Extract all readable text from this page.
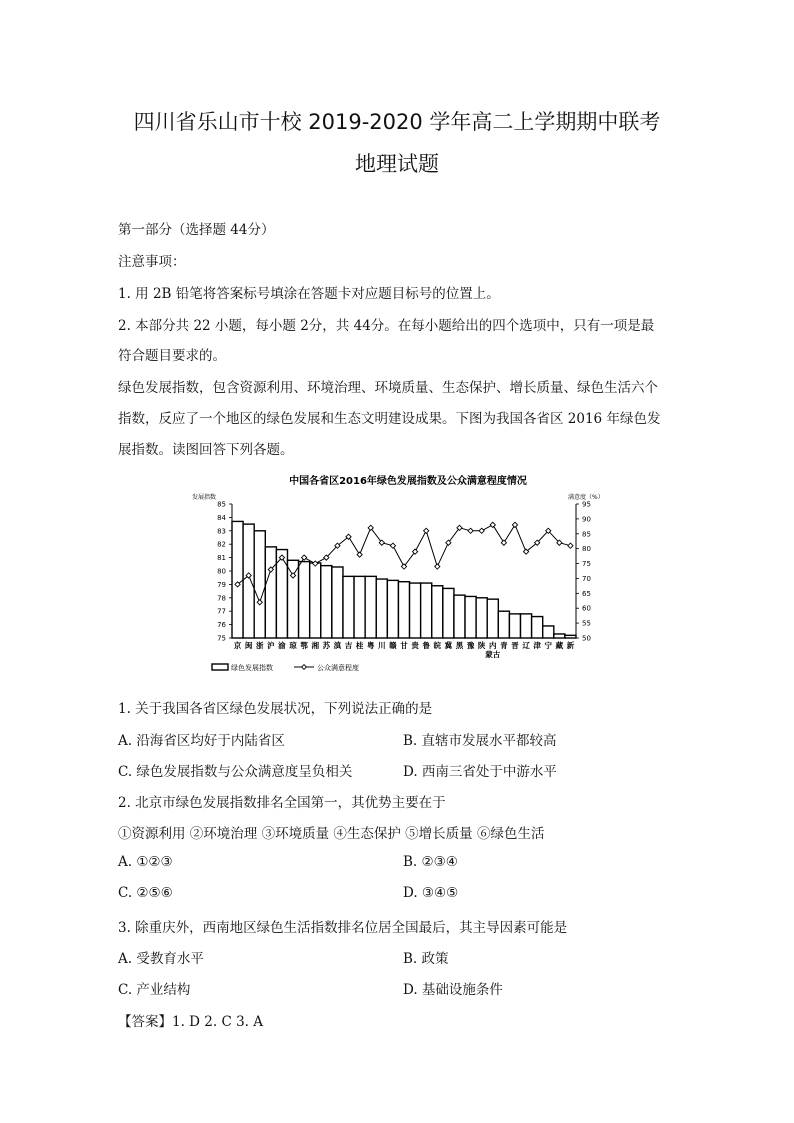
四川省乐山市十校 2019-2020 学年高二上学期期中联考
地理试题
第一部分（选择题 44分）
注意事项：
1. 用 2B 铅笔将答案标号填涂在答题卡对应题目标号的位置上。
2. 本部分共 22 小题，每小题 2分，共 44分。在每小题给出的四个选项中，只有一项是最
符合题目要求的。
绿色发展指数，包含资源利用、环境治理、环境质量、生态保护、增长质量、绿色生活六个
指数，反应了一个地区的绿色发展和生态文明建设成果。下图为我国各省区 2016 年绿色发
展指数。读图回答下列各题。
中国各省区2016年绿色发展指数及公众满意程度情况
发展指数	满意度（%）
75
76
77
78
79
80
81
82
83
84
85
50
55
60
65
70
75
80
85
90
95
京 闽 浙 沪 渝 琼 鄂 湘 苏 滇 吉 桂 粤 川 赣 甘 贵 鲁 皖 冀 黑 豫 陕 内蒙古
青 晋 辽 津 宁 藏 新
绿色发展指数	公众满意程度
1. 关于我国各省区绿色发展状况，下列说法正确的是
A. 沿海省区均好于内陆省区	B. 直辖市发展水平都较高
C. 绿色发展指数与公众满意度呈负相关	D. 西南三省处于中游水平
2. 北京市绿色发展指数排名全国第一，其优势主要在于
①资源利用 ②环境治理 ③环境质量 ④生态保护 ⑤增长质量 ⑥绿色生活
A. ①②③	B. ②③④
C. ②⑤⑥	D. ③④⑤
3. 除重庆外，西南地区绿色生活指数排名位居全国最后，其主导因素可能是
A. 受教育水平	B. 政策
C. 产业结构	D. 基础设施条件
【答案】1. D 2. C 3. A
